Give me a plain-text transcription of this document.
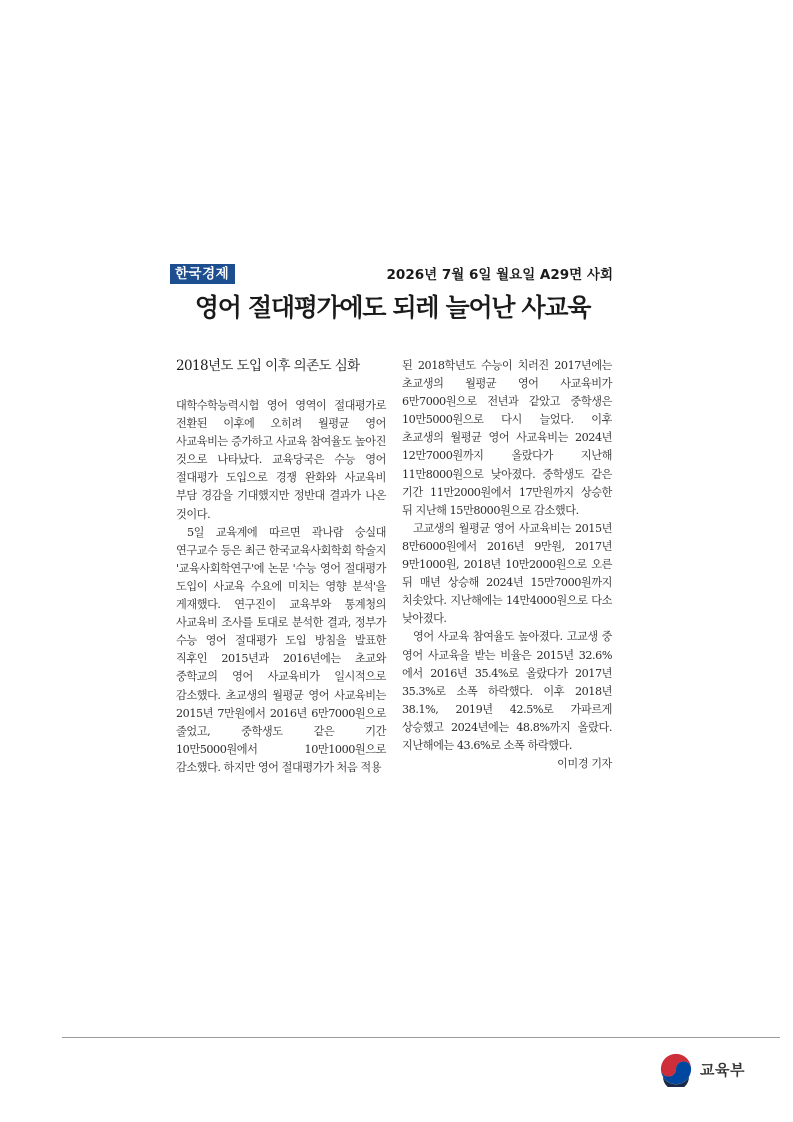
한국경제	2026년 7월 6일 월요일 A29면 사회
영어 절대평가에도 되레 늘어난 사교육
2018년도 도입 이후 의존도 심화

대학수학능력시험 영어 영역이 절대평가로 전환된 이후에 오히려 월평균 영어 사교육비는 증가하고 사교육 참여율도 높아진 것으로 나타났다. 교육당국은 수능 영어 절대평가 도입으로 경쟁 완화와 사교육비 부담 경감을 기대했지만 정반대 결과가 나온 것이다.

5일 교육계에 따르면 곽나람 숭실대 연구교수 등은 최근 한국교육사회학회 학술지 '교육사회학연구'에 논문 '수능 영어 절대평가 도입이 사교육 수요에 미치는 영향 분석'을 게재했다. 연구진이 교육부와 통계청의 사교육비 조사를 토대로 분석한 결과, 정부가 수능 영어 절대평가 도입 방침을 발표한 직후인 2015년과 2016년에는 초교와 중학교의 영어 사교육비가 일시적으로 감소했다. 초교생의 월평균 영어 사교육비는 2015년 7만원에서 2016년 6만7000원으로 줄었고, 중학생도 같은 기간 10만5000원에서 10만1000원으로 감소했다. 하지만 영어 절대평가가 처음 적용

된 2018학년도 수능이 치러진 2017년에는 초교생의 월평균 영어 사교육비가 6만7000원으로 전년과 같았고 중학생은 10만5000원으로 다시 늘었다. 이후 초교생의 월평균 영어 사교육비는 2024년 12만7000원까지 올랐다가 지난해 11만8000원으로 낮아졌다. 중학생도 같은 기간 11만2000원에서 17만원까지 상승한 뒤 지난해 15만8000원으로 감소했다.

고교생의 월평균 영어 사교육비는 2015년 8만6000원에서 2016년 9만원, 2017년 9만1000원, 2018년 10만2000원으로 오른 뒤 매년 상승해 2024년 15만7000원까지 치솟았다. 지난해에는 14만4000원으로 다소 낮아졌다.

영어 사교육 참여율도 높아졌다. 고교생 중 영어 사교육을 받는 비율은 2015년 32.6%에서 2016년 35.4%로 올랐다가 2017년 35.3%로 소폭 하락했다. 이후 2018년 38.1%, 2019년 42.5%로 가파르게 상승했고 2024년에는 48.8%까지 올랐다. 지난해에는 43.6%로 소폭 하락했다.
이미경 기자

교육부
